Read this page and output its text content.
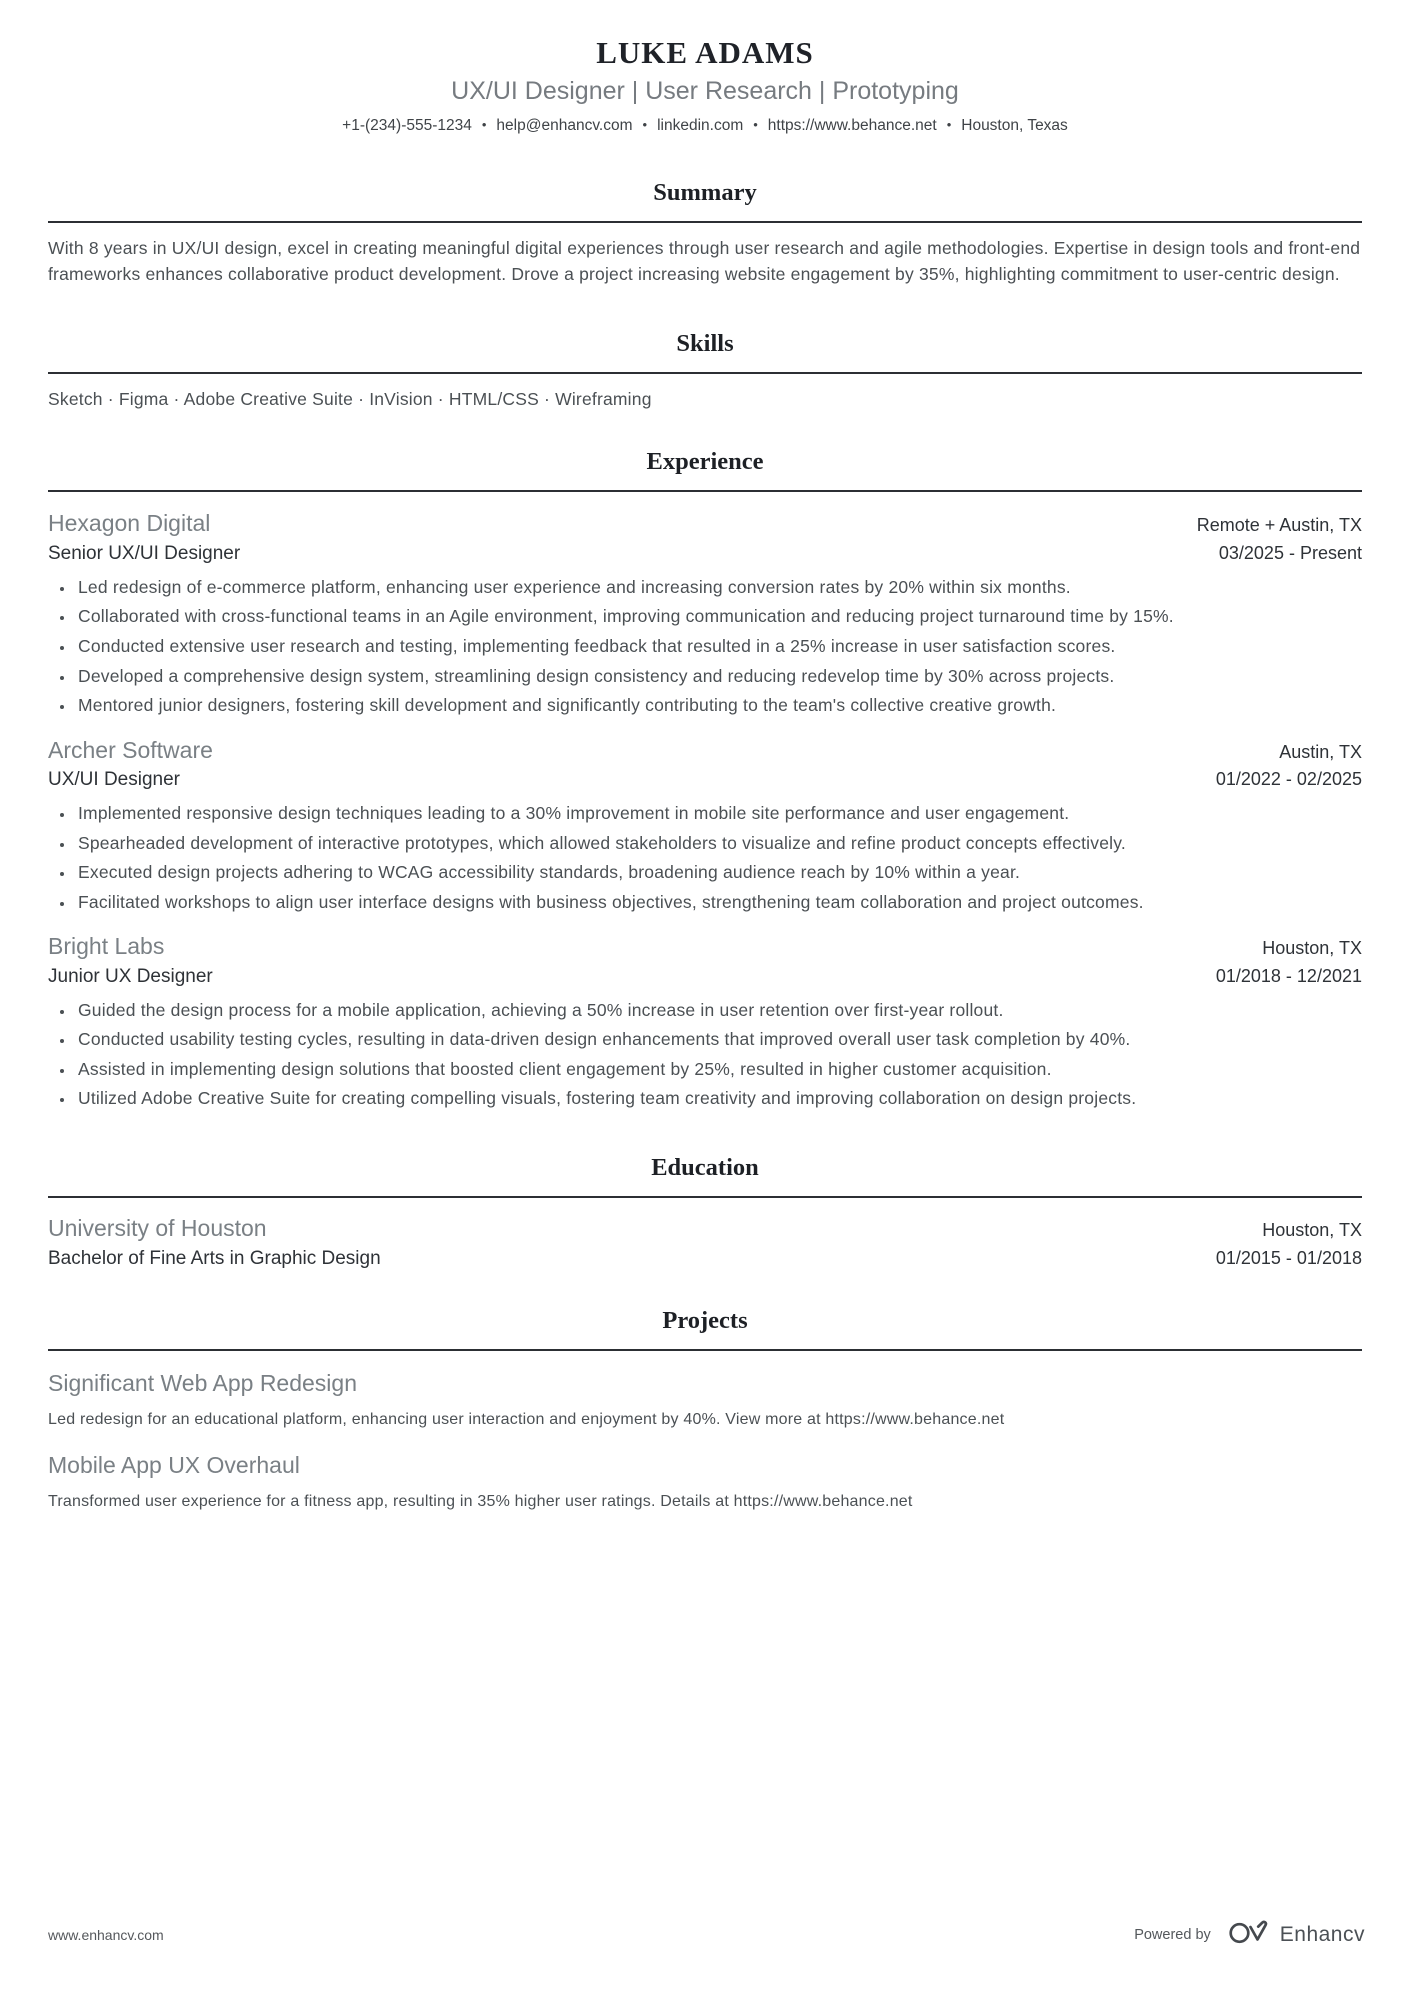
LUKE ADAMS
UX/UI Designer | User Research | Prototyping
+1-(234)-555-1234 • help@enhancv.com • linkedin.com • https://www.behance.net • Houston, Texas
Summary

With 8 years in UX/UI design, excel in creating meaningful digital experiences through user research and agile methodologies. Expertise in design tools and front-end frameworks enhances collaborative product development. Drove a project increasing website engagement by 35%, highlighting commitment to user-centric design.

Skills

Sketch · Figma · Adobe Creative Suite · InVision · HTML/CSS · Wireframing

Experience
Hexagon Digital	Remote + Austin, TX
Senior UX/UI Designer	03/2025 - Present
• Led redesign of e-commerce platform, enhancing user experience and increasing conversion rates by 20% within six months.
• Collaborated with cross-functional teams in an Agile environment, improving communication and reducing project turnaround time by 15%.
• Conducted extensive user research and testing, implementing feedback that resulted in a 25% increase in user satisfaction scores.
• Developed a comprehensive design system, streamlining design consistency and reducing redevelop time by 30% across projects.
• Mentored junior designers, fostering skill development and significantly contributing to the team's collective creative growth.
Archer Software	Austin, TX
UX/UI Designer	01/2022 - 02/2025
• Implemented responsive design techniques leading to a 30% improvement in mobile site performance and user engagement.
• Spearheaded development of interactive prototypes, which allowed stakeholders to visualize and refine product concepts effectively.
• Executed design projects adhering to WCAG accessibility standards, broadening audience reach by 10% within a year.
• Facilitated workshops to align user interface designs with business objectives, strengthening team collaboration and project outcomes.
Bright Labs	Houston, TX
Junior UX Designer	01/2018 - 12/2021
• Guided the design process for a mobile application, achieving a 50% increase in user retention over first-year rollout.
• Conducted usability testing cycles, resulting in data-driven design enhancements that improved overall user task completion by 40%.
• Assisted in implementing design solutions that boosted client engagement by 25%, resulted in higher customer acquisition.
• Utilized Adobe Creative Suite for creating compelling visuals, fostering team creativity and improving collaboration on design projects.
Education
University of Houston	Houston, TX
Bachelor of Fine Arts in Graphic Design	01/2015 - 01/2018
Projects
Significant Web App Redesign

Led redesign for an educational platform, enhancing user interaction and enjoyment by 40%. View more at https://www.behance.net

Mobile App UX Overhaul

Transformed user experience for a fitness app, resulting in 35% higher user ratings. Details at https://www.behance.net

www.enhancv.com	Powered by	Enhancv
